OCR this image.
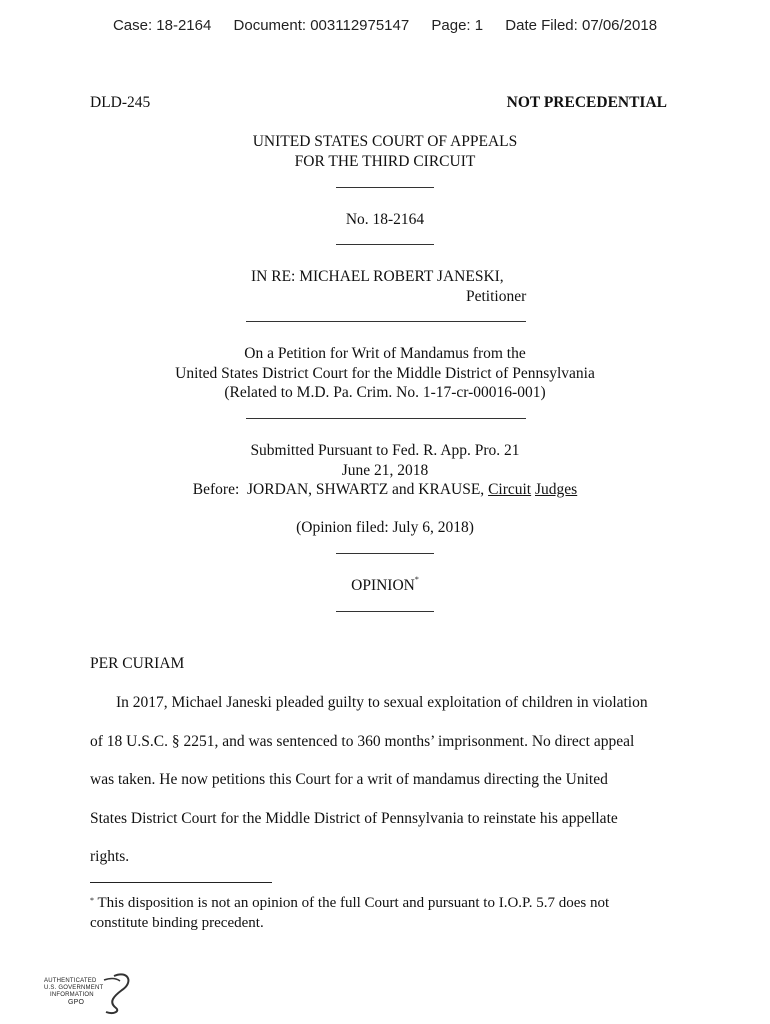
Case: 18-2164 Document: 003112975147 Page: 1 Date Filed: 07/06/2018
DLD-245	NOT PRECEDENTIAL
UNITED STATES COURT OF APPEALS
FOR THE THIRD CIRCUIT
No. 18-2164
IN RE: MICHAEL ROBERT JANESKI,
Petitioner
On a Petition for Writ of Mandamus from the
United States District Court for the Middle District of Pennsylvania
(Related to M.D. Pa. Crim. No. 1-17-cr-00016-001)
Submitted Pursuant to Fed. R. App. Pro. 21
June 21, 2018
Before:  JORDAN, SHWARTZ and KRAUSE, Circuit Judges
(Opinion filed: July 6, 2018)
OPINION*
PER CURIAM
In 2017, Michael Janeski pleaded guilty to sexual exploitation of children in violation
of 18 U.S.C. § 2251, and was sentenced to 360 months’ imprisonment. No direct appeal
was taken. He now petitions this Court for a writ of mandamus directing the United
States District Court for the Middle District of Pennsylvania to reinstate his appellate
rights.
* This disposition is not an opinion of the full Court and pursuant to I.O.P. 5.7 does not
constitute binding precedent.
AUTHENTICATED
U.S. GOVERNMENT
INFORMATION
GPO
